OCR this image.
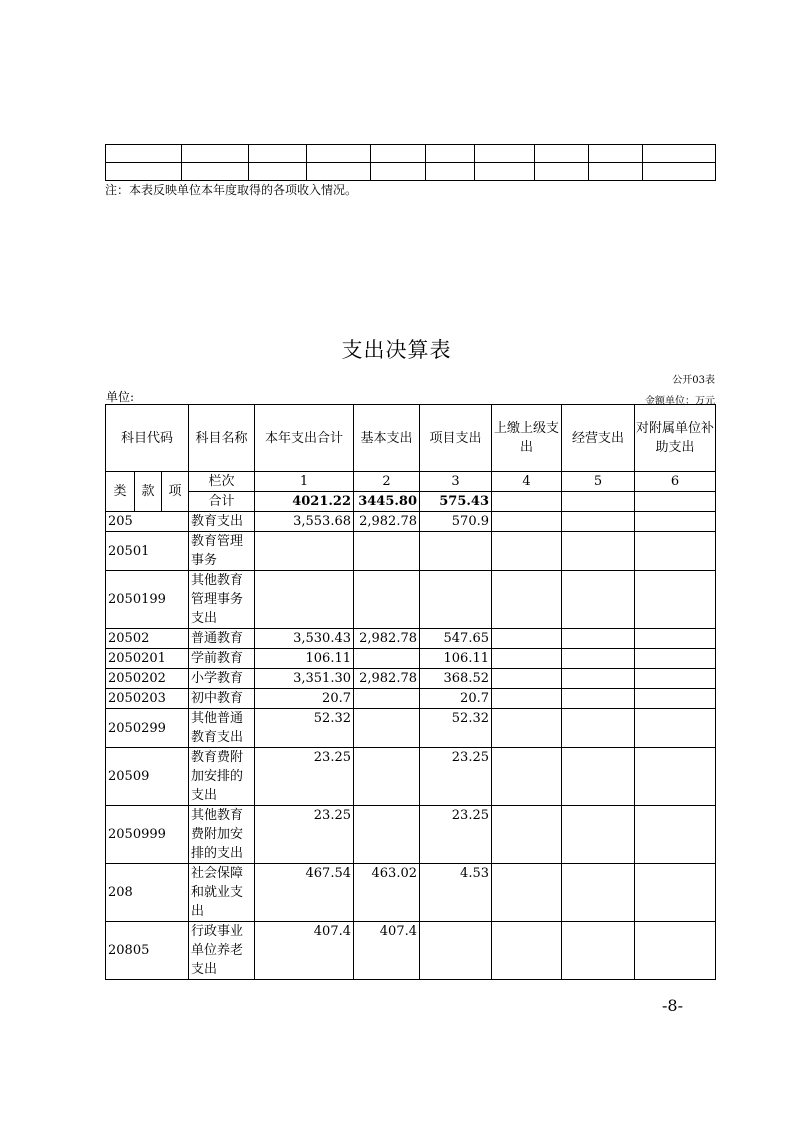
注：本表反映单位本年度取得的各项收入情况。
支出决算表
公开03表
单位:	金额单位：万元
科目代码			科目名称	本年支出合计	基本支出	项目支出	上缴上级支出	经营支出	对附属单位补助支出
类	款	项	栏次	1	2	3	4	5	6
			合计	4021.22	3445.80	575.43			
205			教育支出	3,553.68	2,982.78	570.9			
20501			教育管理事务						
2050199			其他教育管理事务支出						
20502			普通教育	3,530.43	2,982.78	547.65			
2050201			学前教育	106.11		106.11			
2050202			小学教育	3,351.30	2,982.78	368.52			
2050203			初中教育	20.7		20.7			
2050299			其他普通教育支出	52.32		52.32			
20509			教育费附加安排的支出	23.25		23.25			
2050999			其他教育费附加安排的支出	23.25		23.25			
208			社会保障和就业支出	467.54	463.02	4.53			
20805			行政事业单位养老支出	407.4	407.4				
-8-
